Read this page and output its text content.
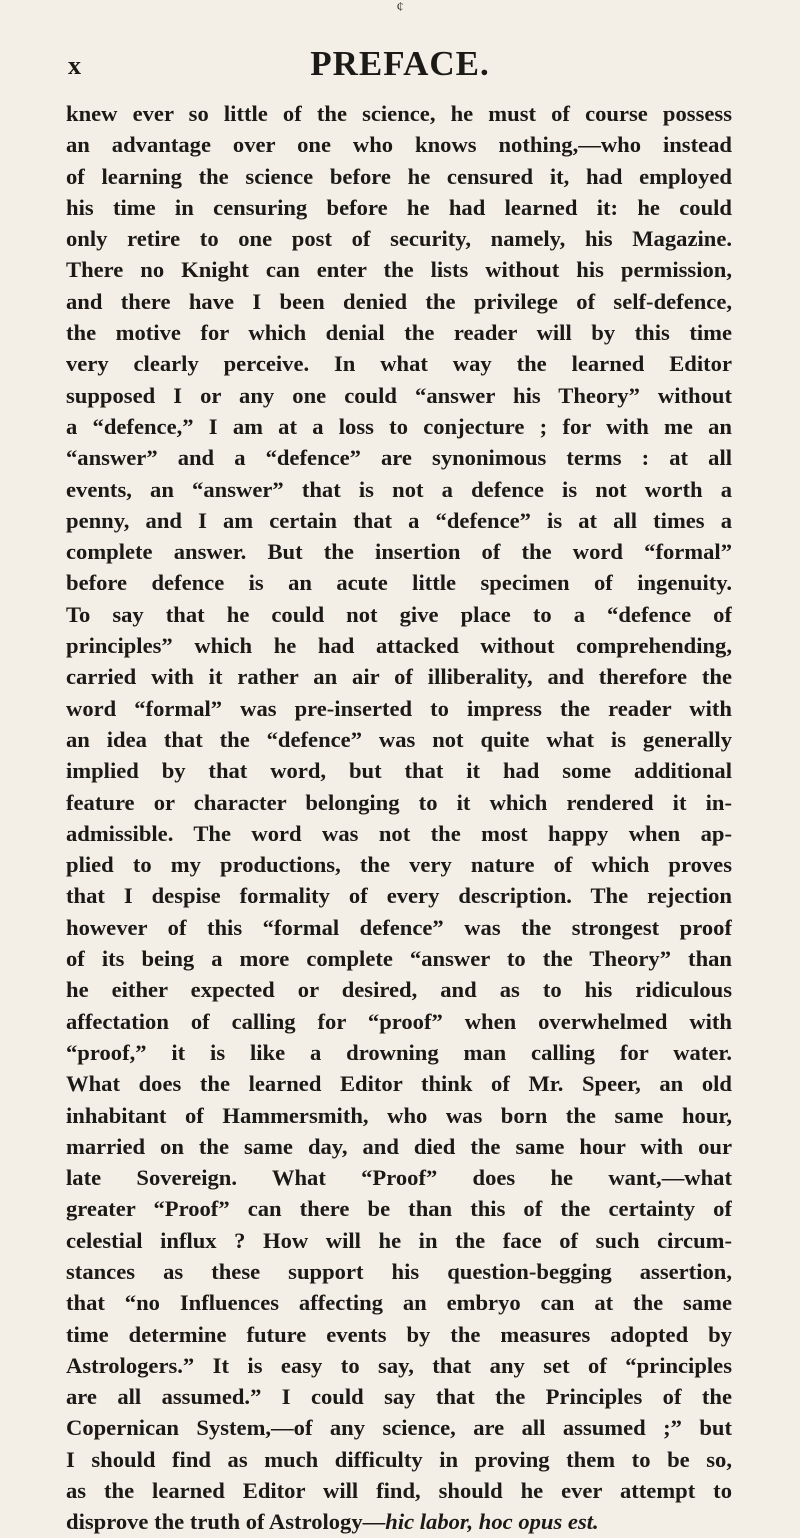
¢
x	PREFACE.
knew ever so little of the science, he must of course possess
an advantage over one who knows nothing,—who instead
of learning the science before he censured it, had employed
his time in censuring before he had learned it: he could
only retire to one post of security, namely, his Magazine.
There no Knight can enter the lists without his permission,
and there have I been denied the privilege of self-defence,
the motive for which denial the reader will by this time
very clearly perceive. In what way the learned Editor
supposed I or any one could “answer his Theory” without
a “defence,” I am at a loss to conjecture ; for with me an
“answer” and a “defence” are synonimous terms : at all
events, an “answer” that is not a defence is not worth a
penny, and I am certain that a “defence” is at all times a
complete answer. But the insertion of the word “formal”
before defence is an acute little specimen of ingenuity.
To say that he could not give place to a “defence of
principles” which he had attacked without comprehending,
carried with it rather an air of illiberality, and therefore the
word “formal” was pre-inserted to impress the reader with
an idea that the “defence” was not quite what is generally
implied by that word, but that it had some additional
feature or character belonging to it which rendered it in-
admissible. The word was not the most happy when ap-
plied to my productions, the very nature of which proves
that I despise formality of every description. The rejection
however of this “formal defence” was the strongest proof
of its being a more complete “answer to the Theory” than
he either expected or desired, and as to his ridiculous
affectation of calling for “proof” when overwhelmed with
“proof,” it is like a drowning man calling for water.
What does the learned Editor think of Mr. Speer, an old
inhabitant of Hammersmith, who was born the same hour,
married on the same day, and died the same hour with our
late Sovereign. What “Proof” does he want,—what
greater “Proof” can there be than this of the certainty of
celestial influx ? How will he in the face of such circum-
stances as these support his question-begging assertion,
that “no Influences affecting an embryo can at the same
time determine future events by the measures adopted by
Astrologers.” It is easy to say, that any set of “principles
are all assumed.” I could say that the Principles of the
Copernican System,—of any science, are all assumed ;” but
I should find as much difficulty in proving them to be so,
as the learned Editor will find, should he ever attempt to
disprove the truth of Astrology—hic labor, hoc opus est.
